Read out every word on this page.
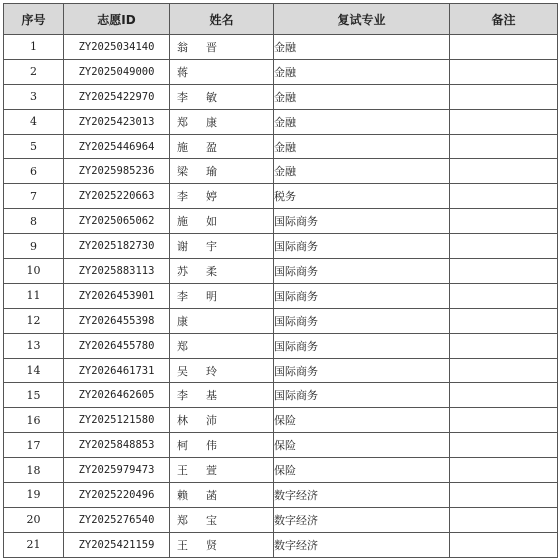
序号	志愿ID	姓名	复试专业	备注
1	ZY2025034140	翁 晋	金融	
2	ZY2025049000	蒋	金融	
3	ZY2025422970	李 敏	金融	
4	ZY2025423013	郑 康	金融	
5	ZY2025446964	施 盈	金融	
6	ZY2025985236	梁 瑜	金融	
7	ZY2025220663	李 婷	税务	
8	ZY2025065062	施 如	国际商务	
9	ZY2025182730	谢 宇	国际商务	
10	ZY2025883113	苏 柔	国际商务	
11	ZY2026453901	李 明	国际商务	
12	ZY2026455398	康	国际商务	
13	ZY2026455780	郑	国际商务	
14	ZY2026461731	吴 玲	国际商务	
15	ZY2026462605	李 基	国际商务	
16	ZY2025121580	林 沛	保险	
17	ZY2025848853	柯 伟	保险	
18	ZY2025979473	王 萱	保险	
19	ZY2025220496	赖 菡	数字经济	
20	ZY2025276540	郑 宝	数字经济	
21	ZY2025421159	王 贤	数字经济	
